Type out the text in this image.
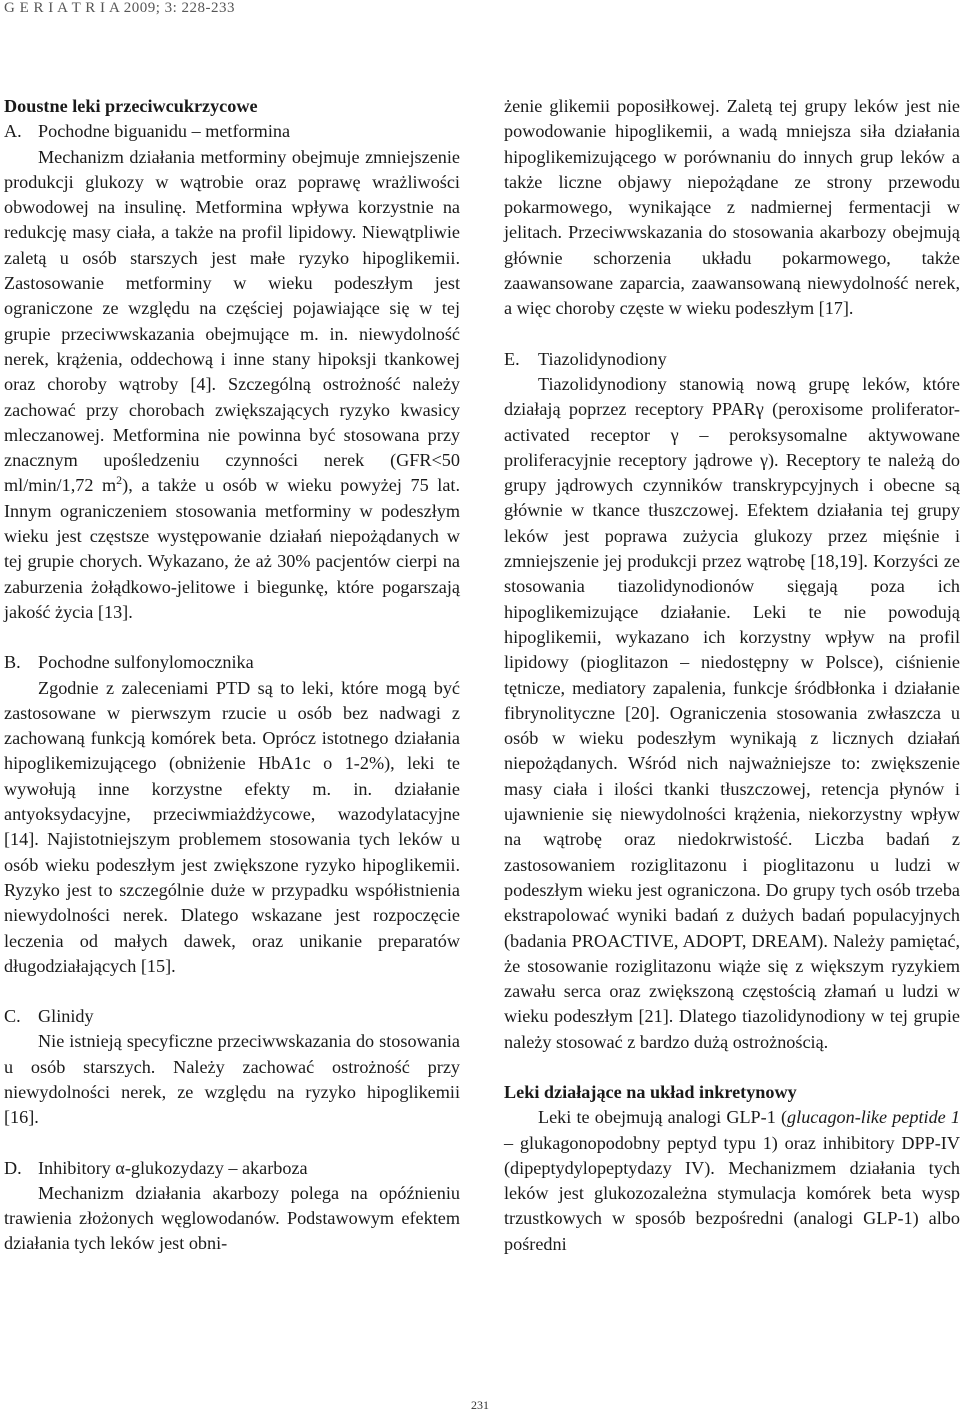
G E R I A T R I A 2009; 3: 228-233

Doustne leki przeciwcukrzycowe

A. Pochodne biguanidu – metformina

Mechanizm działania metforminy obejmuje zmniejszenie produkcji glukozy w wątrobie oraz poprawę wrażliwości obwodowej na insulinę. Metformina wpływa korzystnie na redukcję masy ciała, a także na profil lipidowy. Niewątpliwie zaletą u osób starszych jest małe ryzyko hipoglikemii. Zastosowanie metforminy w wieku podeszłym jest ograniczone ze względu na częściej pojawiające się w tej grupie przeciwwskazania obejmujące m. in. niewydolność nerek, krążenia, oddechową i inne stany hipoksji tkankowej oraz choroby wątroby [4]. Szczególną ostrożność należy zachować przy chorobach zwiększających ryzyko kwasicy mleczanowej. Metformina nie powinna być stosowana przy znacznym upośledzeniu czynności nerek (GFR<50 ml/min/1,72 $m^2$), a także u osób w wieku powyżej 75 lat. Innym ograniczeniem stosowania metforminy w podeszłym wieku jest częstsze występowanie działań niepożądanych w tej grupie chorych. Wykazano, że aż 30% pacjentów cierpi na zaburzenia żołądkowo-jelitowe i biegunkę, które pogarszają jakość życia [13].

B. Pochodne sulfonylomocznika

Zgodnie z zaleceniami PTD są to leki, które mogą być zastosowane w pierwszym rzucie u osób bez nadwagi z zachowaną funkcją komórek beta. Oprócz istotnego działania hipoglikemizującego (obniżenie HbA1c o 1-2%), leki te wywołują inne korzystne efekty m. in. działanie antyoksydacyjne, przeciwmiażdżycowe, wazodylatacyjne [14]. Najistotniejszym problemem stosowania tych leków u osób wieku podeszłym jest zwiększone ryzyko hipoglikemii. Ryzyko jest to szczególnie duże w przypadku współistnienia niewydolności nerek. Dlatego wskazane jest rozpoczęcie leczenia od małych dawek, oraz unikanie preparatów długodziałających [15].

C. Glinidy

Nie istnieją specyficzne przeciwwskazania do stosowania u osób starszych. Należy zachować ostrożność przy niewydolności nerek, ze względu na ryzyko hipoglikemii [16].

D. Inhibitory α-glukozydazy – akarboza

Mechanizm działania akarbozy polega na opóźnieniu trawienia złożonych węglowodanów. Podstawowym efektem działania tych leków jest obni-

żenie glikemii poposiłkowej. Zaletą tej grupy leków jest nie powodowanie hipoglikemii, a wadą mniejsza siła działania hipoglikemizującego w porównaniu do innych grup leków a także liczne objawy niepożądane ze strony przewodu pokarmowego, wynikające z nadmiernej fermentacji w jelitach. Przeciwwskazania do stosowania akarbozy obejmują głównie schorzenia układu pokarmowego, także zaawansowane zaparcia, zaawansowaną niewydolność nerek, a więc choroby częste w wieku podeszłym [17].

E. Tiazolidynodiony

Tiazolidynodiony stanowią nową grupę leków, które działają poprzez receptory PPARγ (peroxisome proliferator-activated receptor γ – peroksysomalne aktywowane proliferacyjnie receptory jądrowe γ). Receptory te należą do grupy jądrowych czynników transkrypcyjnych i obecne są głównie w tkance tłuszczowej. Efektem działania tej grupy leków jest poprawa zużycia glukozy przez mięśnie i zmniejszenie jej produkcji przez wątrobę [18,19]. Korzyści ze stosowania tiazolidynodionów sięgają poza ich hipoglikemizujące działanie. Leki te nie powodują hipoglikemii, wykazano ich korzystny wpływ na profil lipidowy (pioglitazon – niedostępny w Polsce), ciśnienie tętnicze, mediatory zapalenia, funkcje śródbłonka i działanie fibrynolityczne [20]. Ograniczenia stosowania zwłaszcza u osób w wieku podeszłym wynikają z licznych działań niepożądanych. Wśród nich najważniejsze to: zwiększenie masy ciała i ilości tkanki tłuszczowej, retencja płynów i ujawnienie się niewydolności krążenia, niekorzystny wpływ na wątrobę oraz niedokrwistość. Liczba badań z zastosowaniem roziglitazonu i pioglitazonu u ludzi w podeszłym wieku jest ograniczona. Do grupy tych osób trzeba ekstrapolować wyniki badań z dużych badań populacyjnych (badania PROACTIVE, ADOPT, DREAM). Należy pamiętać, że stosowanie roziglitazonu wiąże się z większym ryzykiem zawału serca oraz zwiększoną częstością złamań u ludzi w wieku podeszłym [21]. Dlatego tiazolidynodiony w tej grupie należy stosować z bardzo dużą ostrożnością.

Leki działające na układ inkretynowy

Leki te obejmują analogi GLP-1 (glucagon-like peptide 1 – glukagonopodobny peptyd typu 1) oraz inhibitory DPP-IV (dipeptydylopeptydazy IV). Mechanizmem działania tych leków jest glukozozależna stymulacja komórek beta wysp trzustkowych w sposób bezpośredni (analogi GLP-1) albo pośredni

231
